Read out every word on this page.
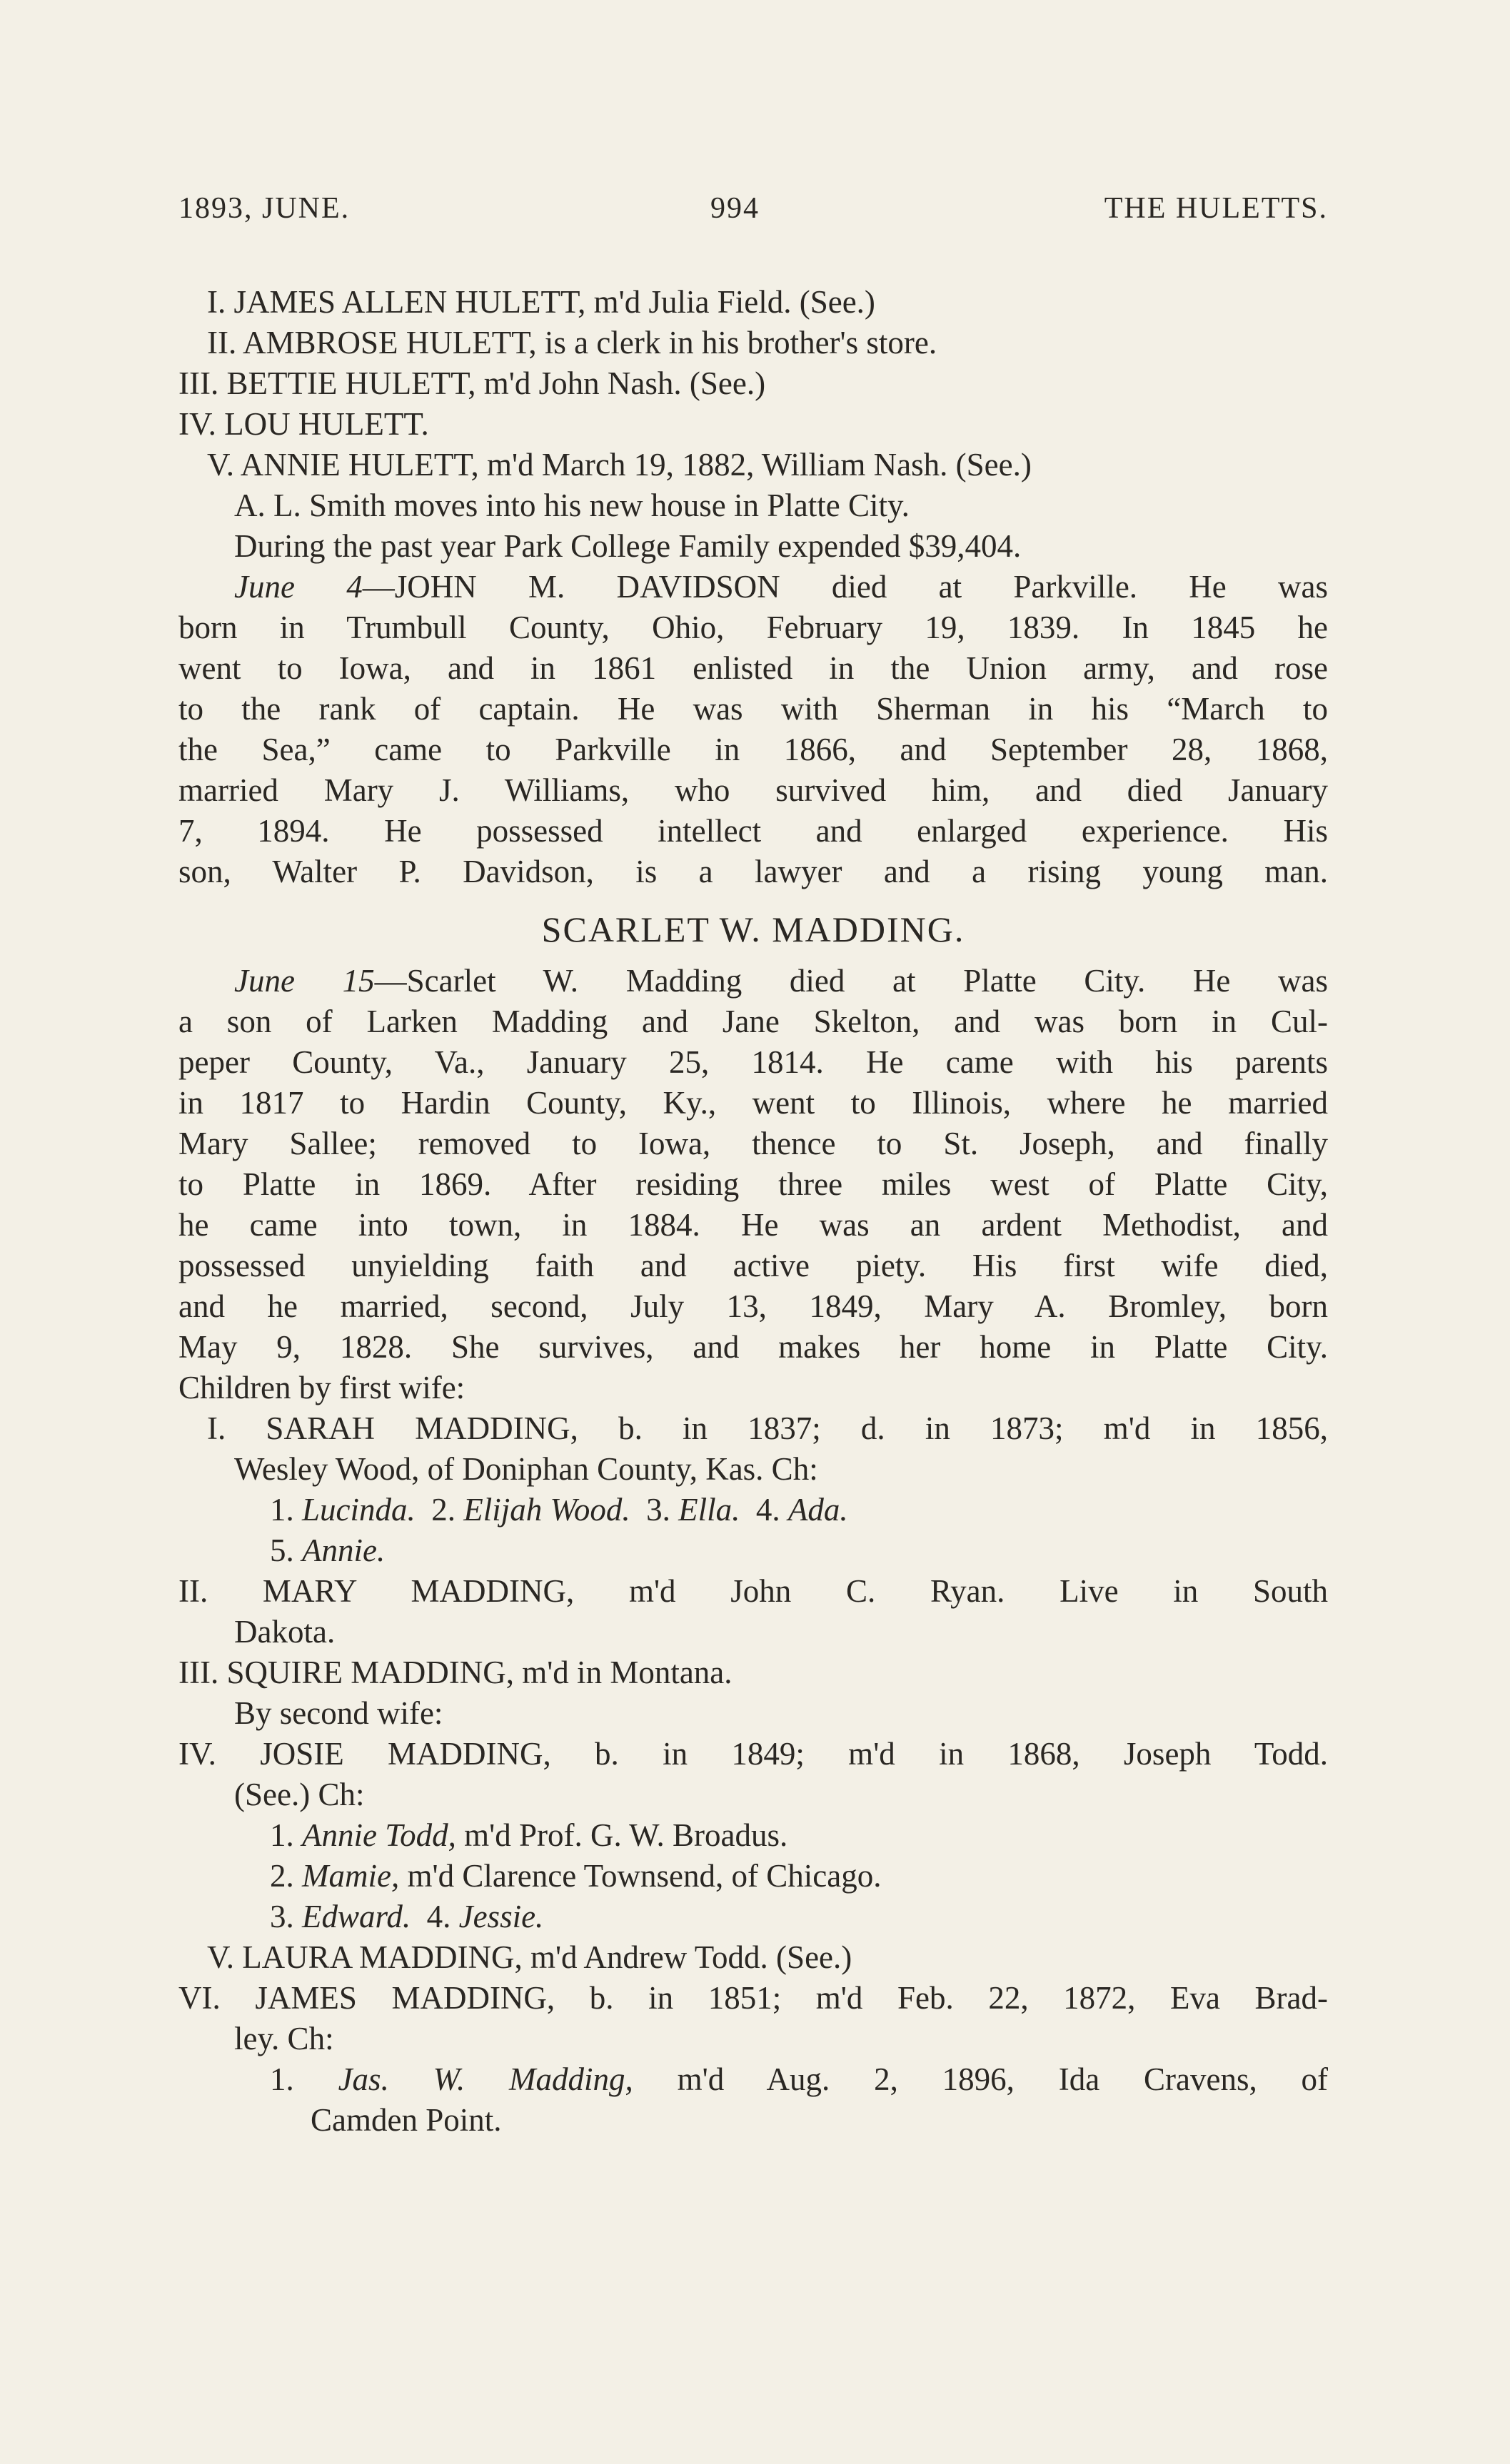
1893, JUNE.	994	THE HULETTS.
I. JAMES ALLEN HULETT, m'd Julia Field. (See.)
II. AMBROSE HULETT, is a clerk in his brother's store.
III. BETTIE HULETT, m'd John Nash. (See.)
IV. LOU HULETT.
V. ANNIE HULETT, m'd March 19, 1882, William Nash. (See.)
A. L. Smith moves into his new house in Platte City.
During the past year Park College Family expended $39,404.
June 4—JOHN M. DAVIDSON died at Parkville. He was
born in Trumbull County, Ohio, February 19, 1839. In 1845 he
went to Iowa, and in 1861 enlisted in the Union army, and rose
to the rank of captain. He was with Sherman in his “March to
the Sea,” came to Parkville in 1866, and September 28, 1868,
married Mary J. Williams, who survived him, and died January
7, 1894. He possessed intellect and enlarged experience. His
son, Walter P. Davidson, is a lawyer and a rising young man.
SCARLET W. MADDING.
June 15—Scarlet W. Madding died at Platte City. He was
a son of Larken Madding and Jane Skelton, and was born in Cul-
peper County, Va., January 25, 1814. He came with his parents
in 1817 to Hardin County, Ky., went to Illinois, where he married
Mary Sallee; removed to Iowa, thence to St. Joseph, and finally
to Platte in 1869. After residing three miles west of Platte City,
he came into town, in 1884. He was an ardent Methodist, and
possessed unyielding faith and active piety. His first wife died,
and he married, second, July 13, 1849, Mary A. Bromley, born
May 9, 1828. She survives, and makes her home in Platte City.
Children by first wife:
I. SARAH MADDING, b. in 1837; d. in 1873; m'd in 1856,
Wesley Wood, of Doniphan County, Kas. Ch:
1. Lucinda. 2. Elijah Wood. 3. Ella. 4. Ada.
5. Annie.
II. MARY MADDING, m'd John C. Ryan. Live in South
Dakota.
III. SQUIRE MADDING, m'd in Montana.
By second wife:
IV. JOSIE MADDING, b. in 1849; m'd in 1868, Joseph Todd.
(See.) Ch:
1. Annie Todd, m'd Prof. G. W. Broadus.
2. Mamie, m'd Clarence Townsend, of Chicago.
3. Edward. 4. Jessie.
V. LAURA MADDING, m'd Andrew Todd. (See.)
VI. JAMES MADDING, b. in 1851; m'd Feb. 22, 1872, Eva Brad-
ley. Ch:
1. Jas. W. Madding, m'd Aug. 2, 1896, Ida Cravens, of
Camden Point.
